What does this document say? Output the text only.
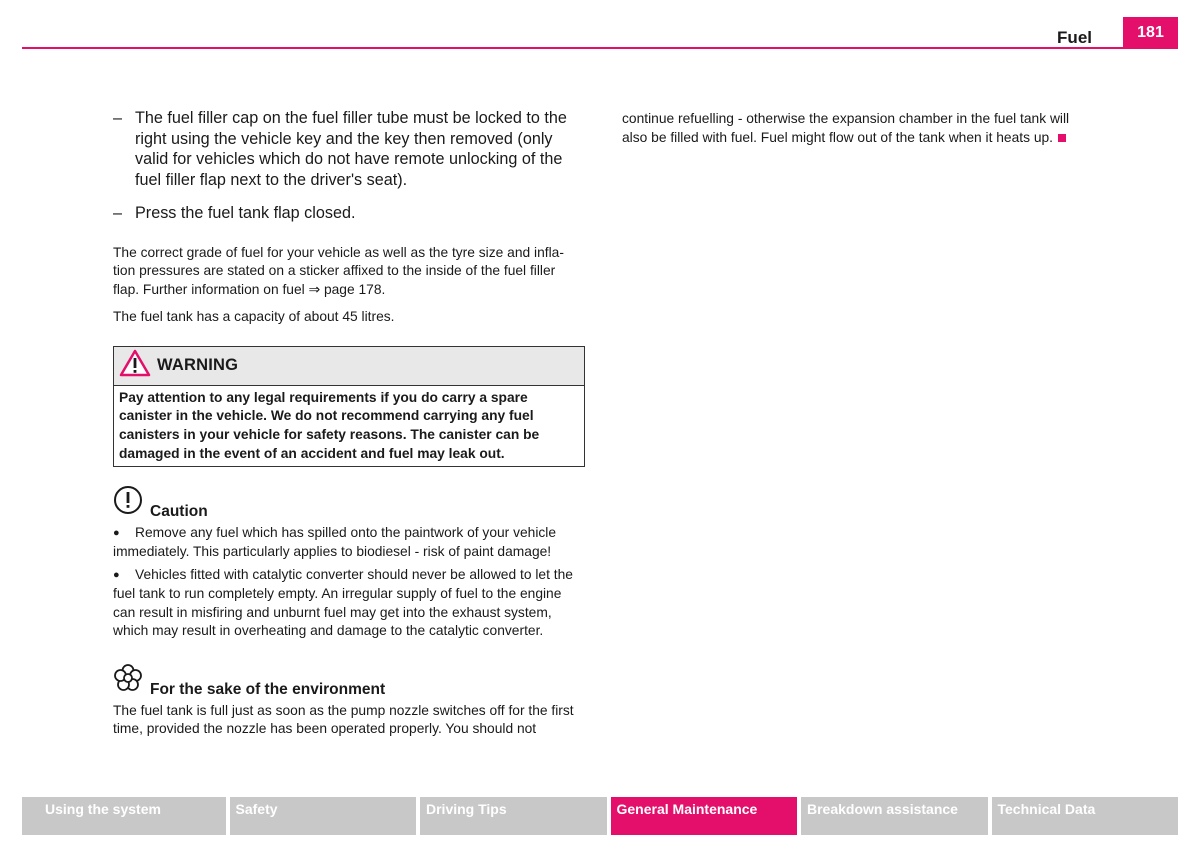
Fuel	181
– The fuel filler cap on the fuel filler tube must be locked to the right using the vehicle key and the key then removed (only valid for vehicles which do not have remote unlocking of the fuel filler flap next to the driver's seat).
– Press the fuel tank flap closed.

The correct grade of fuel for your vehicle as well as the tyre size and infla-tion pressures are stated on a sticker affixed to the inside of the fuel filler flap. Further information on fuel ⇒ page 178.

The fuel tank has a capacity of about 45 litres.

WARNING
Pay attention to any legal requirements if you do carry a spare canister in the vehicle. We do not recommend carrying any fuel canisters in your vehicle for safety reasons. The canister can be damaged in the event of an accident and fuel may leak out.
Caution
● Remove any fuel which has spilled onto the paintwork of your vehicle immediately. This particularly applies to biodiesel - risk of paint damage!
● Vehicles fitted with catalytic converter should never be allowed to let the fuel tank to run completely empty. An irregular supply of fuel to the engine can result in misfiring and unburnt fuel may get into the exhaust system, which may result in overheating and damage to the catalytic converter.
For the sake of the environment

The fuel tank is full just as soon as the pump nozzle switches off for the first time, provided the nozzle has been operated properly. You should not

continue refuelling - otherwise the expansion chamber in the fuel tank will also be filled with fuel. Fuel might flow out of the tank when it heats up.

Using the system	Safety	Driving Tips	General Maintenance	Breakdown assistance	Technical Data
